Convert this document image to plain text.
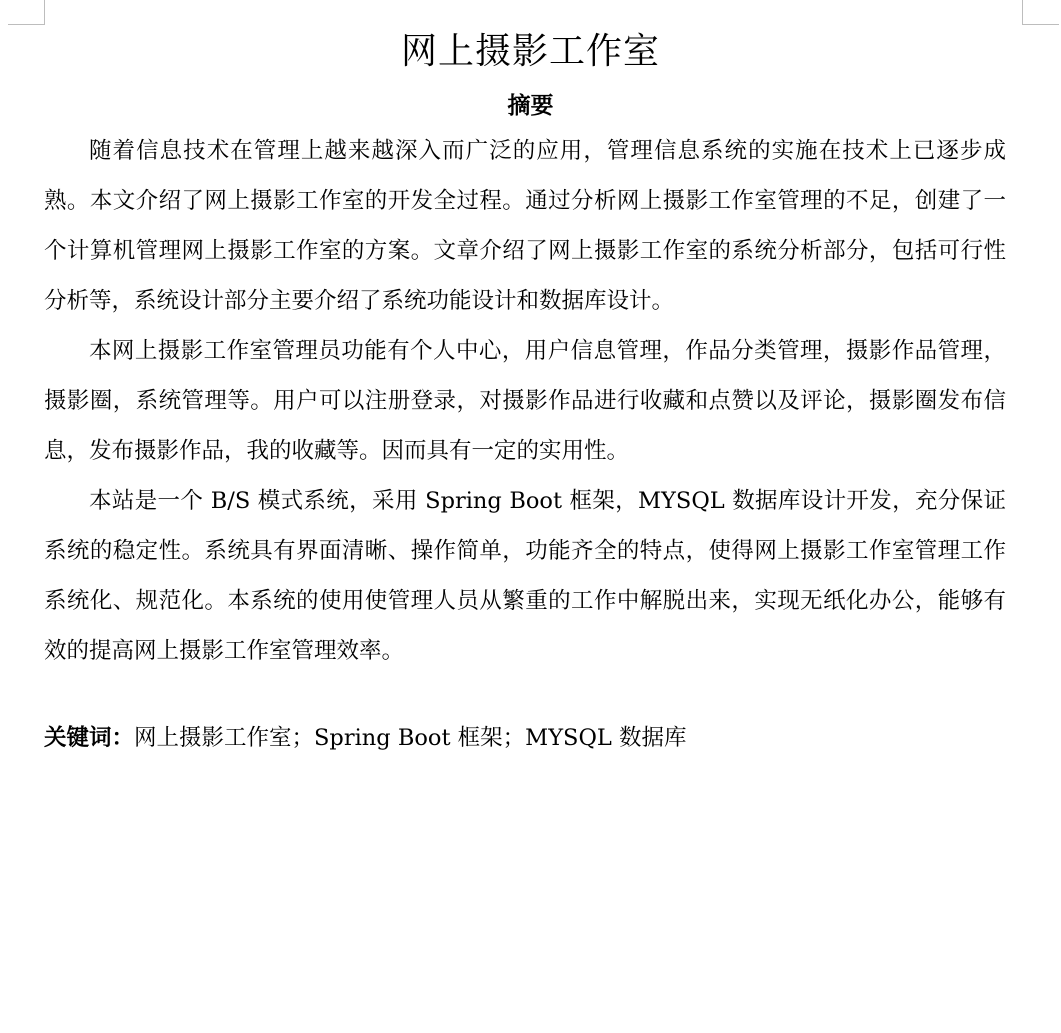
网上摄影工作室
摘要

随着信息技术在管理上越来越深入而广泛的应用，管理信息系统的实施在技术上已逐步成熟。本文介绍了网上摄影工作室的开发全过程。通过分析网上摄影工作室管理的不足，创建了一个计算机管理网上摄影工作室的方案。文章介绍了网上摄影工作室的系统分析部分，包括可行性分析等，系统设计部分主要介绍了系统功能设计和数据库设计。

本网上摄影工作室管理员功能有个人中心，用户信息管理，作品分类管理，摄影作品管理，摄影圈，系统管理等。用户可以注册登录，对摄影作品进行收藏和点赞以及评论，摄影圈发布信息，发布摄影作品，我的收藏等。因而具有一定的实用性。

本站是一个 B/S 模式系统，采用 Spring Boot 框架，MYSQL 数据库设计开发，充分保证系统的稳定性。系统具有界面清晰、操作简单，功能齐全的特点，使得网上摄影工作室管理工作系统化、规范化。本系统的使用使管理人员从繁重的工作中解脱出来，实现无纸化办公，能够有效的提高网上摄影工作室管理效率。

关键词：网上摄影工作室；Spring Boot 框架；MYSQL 数据库
